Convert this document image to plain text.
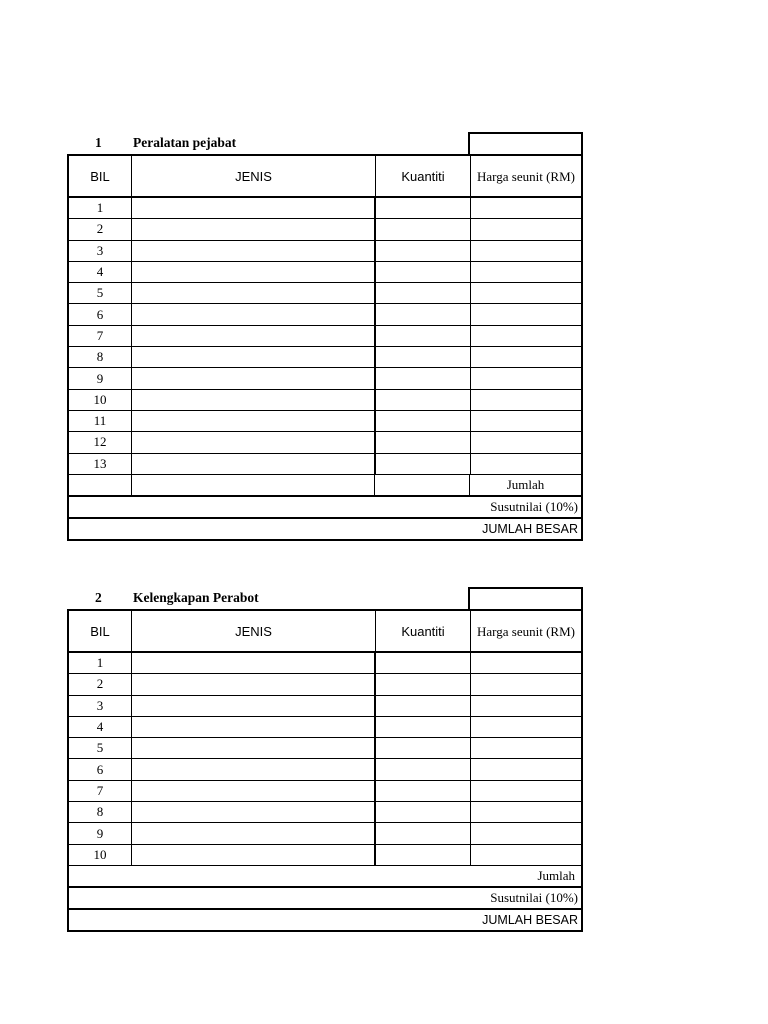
1 Peralatan pejabat
BIL	JENIS	Kuantiti	Harga seunit (RM)
1
2
3
4
5
6
7
8
9
10
11
12
13
Jumlah
Susutnilai (10%)
JUMLAH BESAR
2 Kelengkapan Perabot
BIL	JENIS	Kuantiti	Harga seunit (RM)
1
2
3
4
5
6
7
8
9
10
Jumlah
Susutnilai (10%)
JUMLAH BESAR
